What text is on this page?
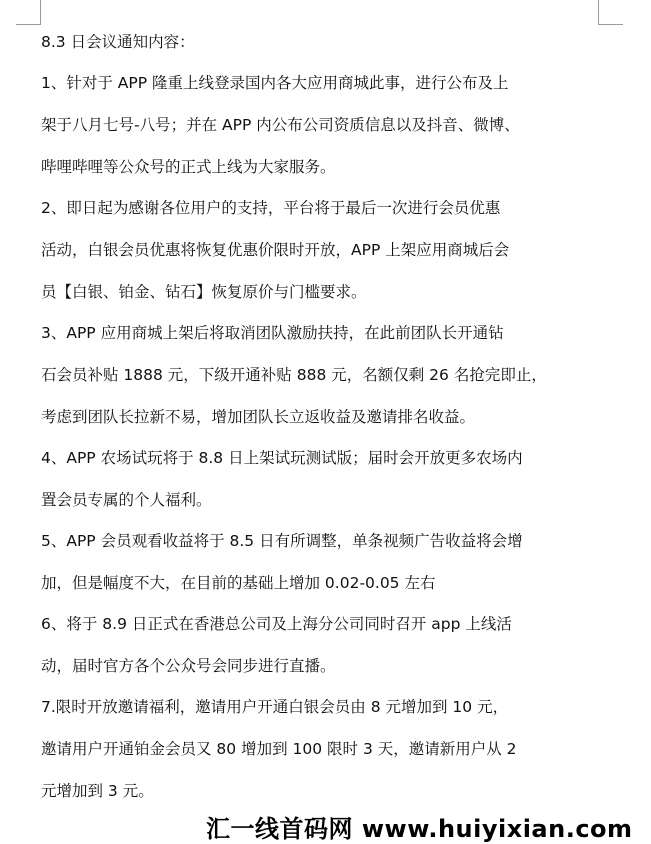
8.3 日会议通知内容：
1、针对于 APP 隆重上线登录国内各大应用商城此事，进行公布及上
架于八月七号-八号；并在 APP 内公布公司资质信息以及抖音、微博、
哔哩哔哩等公众号的正式上线为大家服务。
2、即日起为感谢各位用户的支持，平台将于最后一次进行会员优惠
活动，白银会员优惠将恢复优惠价限时开放，APP 上架应用商城后会
员【白银、铂金、钻石】恢复原价与门槛要求。
3、APP 应用商城上架后将取消团队激励扶持，在此前团队长开通钻
石会员补贴 1888 元，下级开通补贴 888 元，名额仅剩 26 名抢完即止，
考虑到团队长拉新不易，增加团队长立返收益及邀请排名收益。
4、APP 农场试玩将于 8.8 日上架试玩测试版；届时会开放更多农场内
置会员专属的个人福利。
5、APP 会员观看收益将于 8.5 日有所调整，单条视频广告收益将会增
加，但是幅度不大，在目前的基础上增加 0.02-0.05 左右
6、将于 8.9 日正式在香港总公司及上海分公司同时召开 app 上线活
动，届时官方各个公众号会同步进行直播。
7.限时开放邀请福利，邀请用户开通白银会员由 8 元增加到 10 元，
邀请用户开通铂金会员又 80 增加到 100 限时 3 天，邀请新用户从 2
元增加到 3 元。
汇一线首码网 www.huiyixian.com
